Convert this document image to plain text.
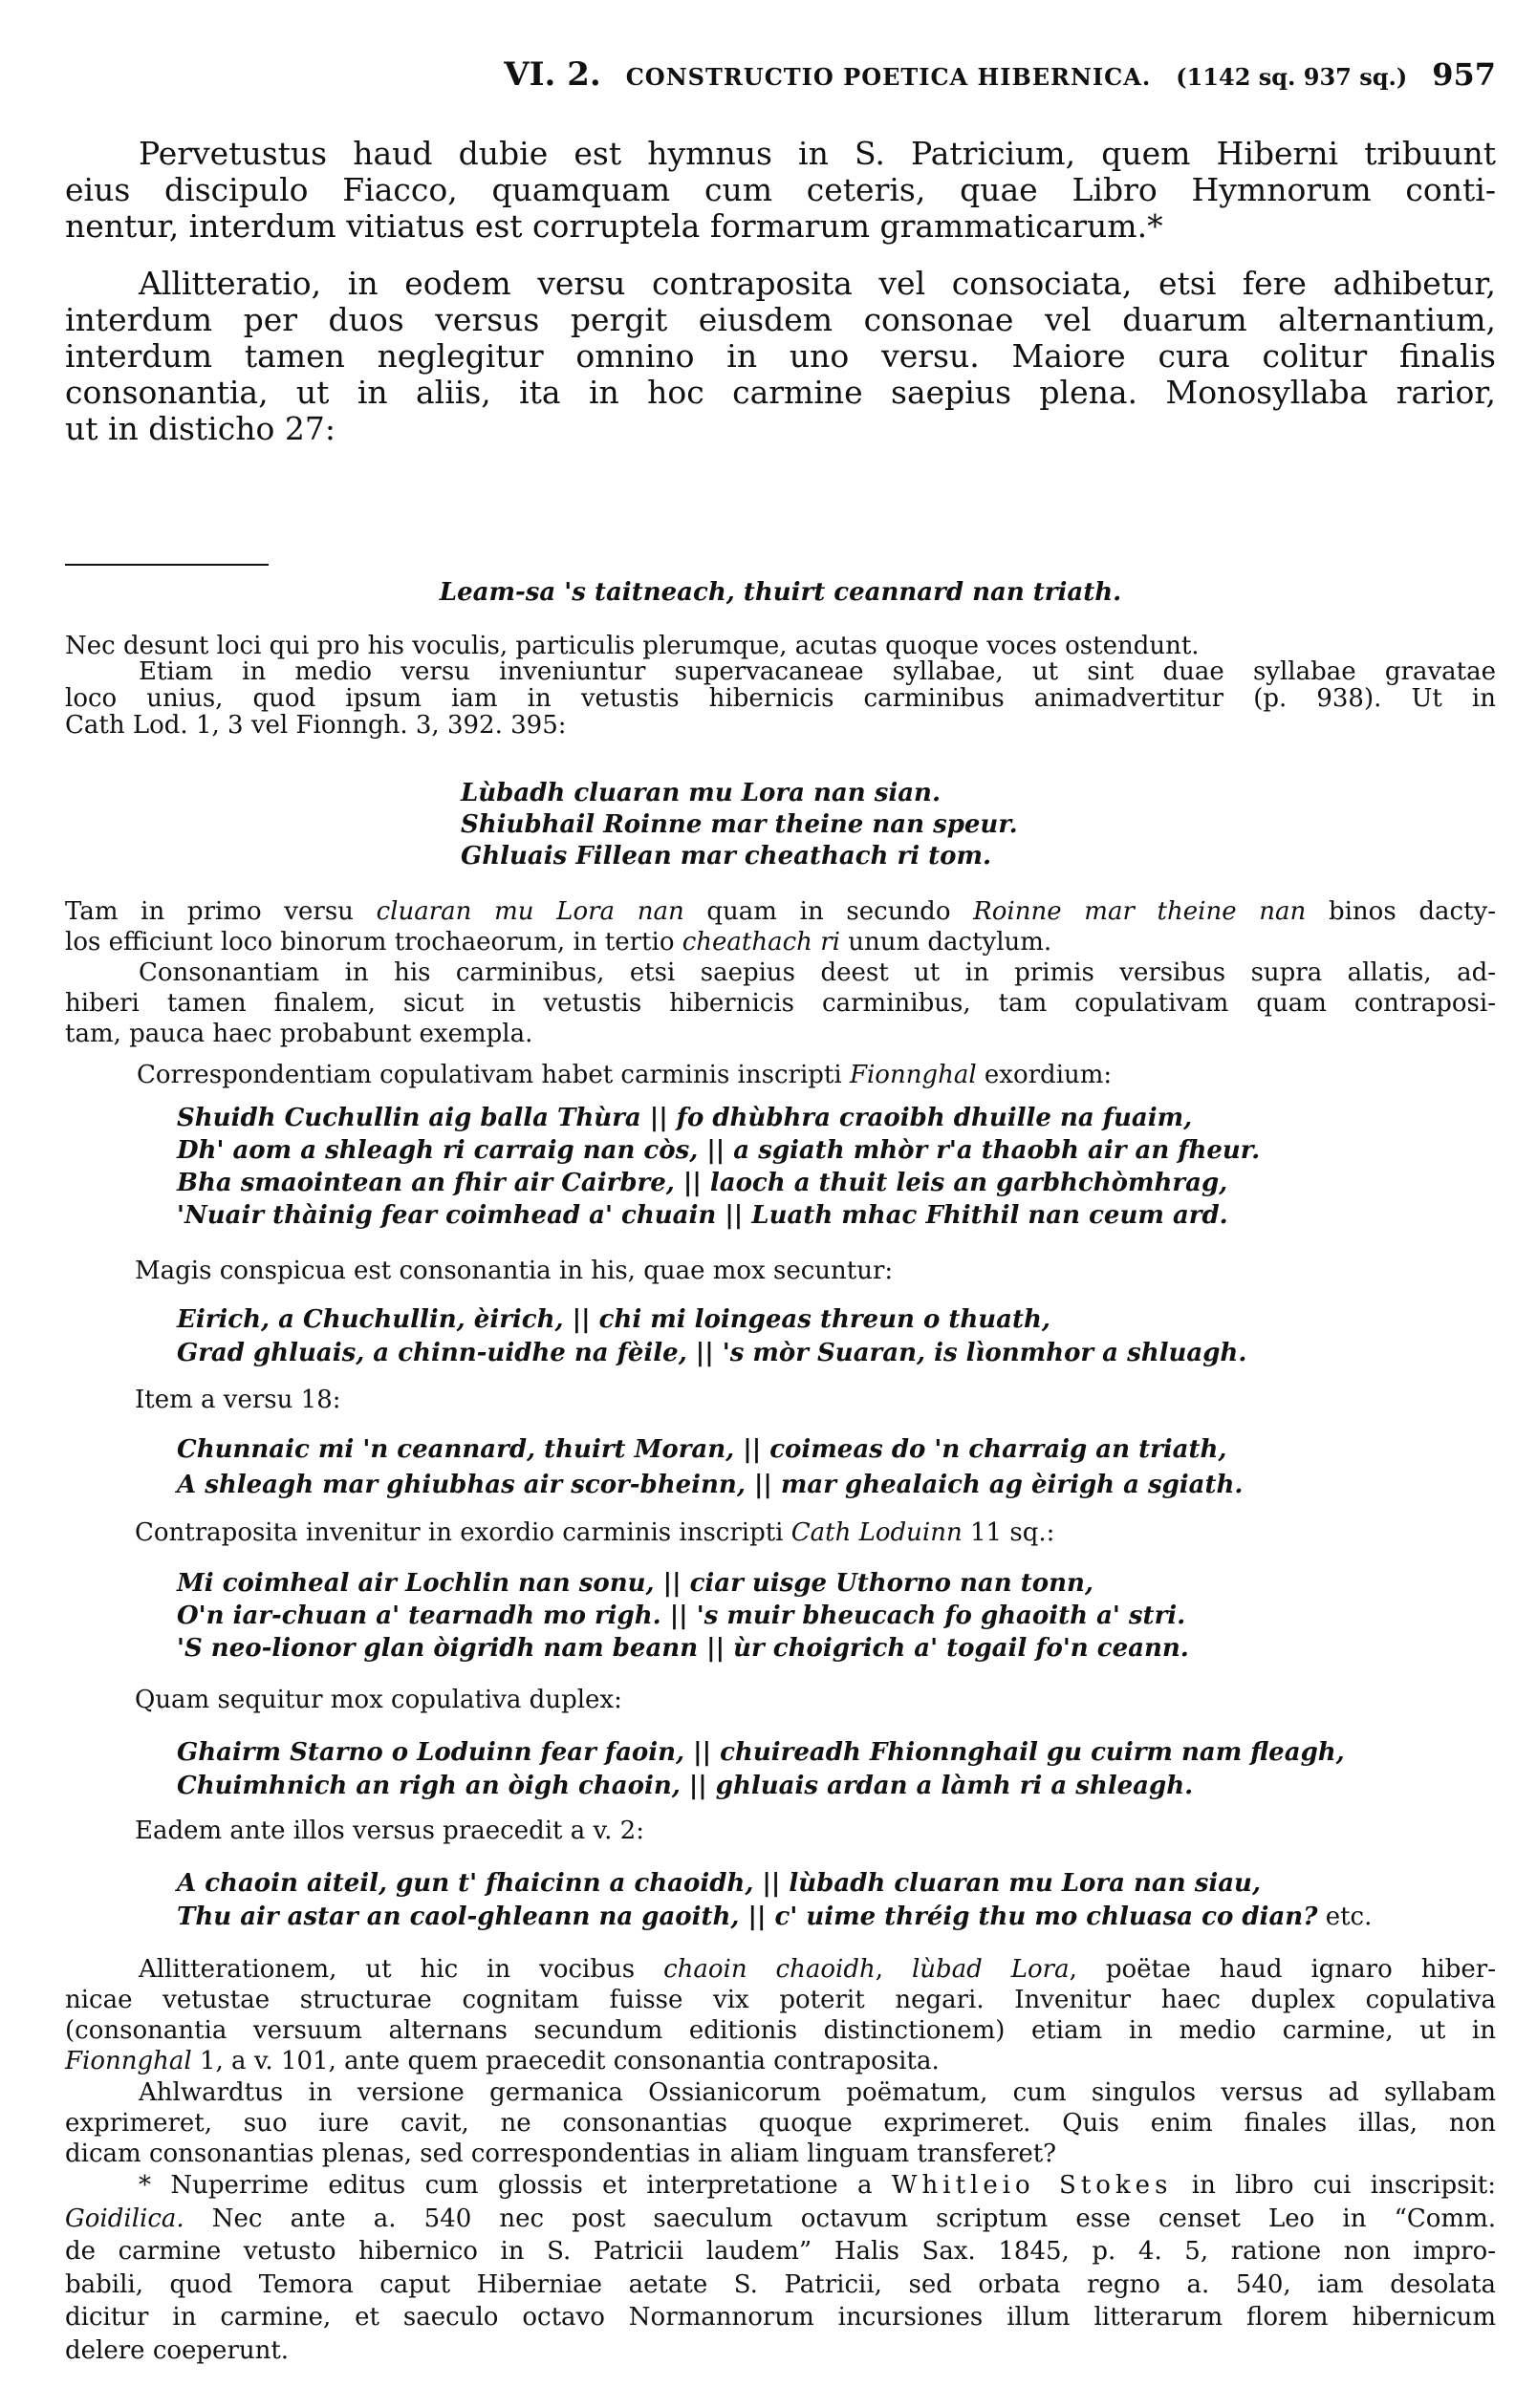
VI. 2. CONSTRUCTIO POETICA HIBERNICA. (1142 sq. 937 sq.) 957
Pervetustus haud dubie est hymnus in S. Patricium, quem Hiberni tribuunt
eius discipulo Fiacco, quamquam cum ceteris, quae Libro Hymnorum conti-
nentur, interdum vitiatus est corruptela formarum grammaticarum.*
Allitteratio, in eodem versu contraposita vel consociata, etsi fere adhibetur,
interdum per duos versus pergit eiusdem consonae vel duarum alternantium,
interdum tamen neglegitur omnino in uno versu. Maiore cura colitur finalis
consonantia, ut in aliis, ita in hoc carmine saepius plena. Monosyllaba rarior,
ut in disticho 27:
Leam-sa 's taitneach, thuirt ceannard nan triath.
Nec desunt loci qui pro his voculis, particulis plerumque, acutas quoque voces ostendunt.
Etiam in medio versu inveniuntur supervacaneae syllabae, ut sint duae syllabae gravatae
loco unius, quod ipsum iam in vetustis hibernicis carminibus animadvertitur (p. 938). Ut in
Cath Lod. 1, 3 vel Fionngh. 3, 392. 395:
Lùbadh cluaran mu Lora nan sian.
Shiubhail Roinne mar theine nan speur.
Ghluais Fillean mar cheathach ri tom.
Tam in primo versu cluaran mu Lora nan quam in secundo Roinne mar theine nan binos dacty-
los efficiunt loco binorum trochaeorum, in tertio cheathach ri unum dactylum.
Consonantiam in his carminibus, etsi saepius deest ut in primis versibus supra allatis, ad-
hiberi tamen finalem, sicut in vetustis hibernicis carminibus, tam copulativam quam contraposi-
tam, pauca haec probabunt exempla.
Correspondentiam copulativam habet carminis inscripti Fionnghal exordium:
Shuidh Cuchullin aig balla Thùra || fo dhùbhra craoibh dhuille na fuaim,
Dh' aom a shleagh ri carraig nan còs, || a sgiath mhòr r'a thaobh air an fheur.
Bha smaointean an fhir air Cairbre, || laoch a thuit leis an garbhchòmhrag,
'Nuair thàinig fear coimhead a' chuain || Luath mhac Fhithil nan ceum ard.
Magis conspicua est consonantia in his, quae mox secuntur:
Eirich, a Chuchullin, èirich, || chi mi loingeas threun o thuath,
Grad ghluais, a chinn-uidhe na fèile, || 's mòr Suaran, is lìonmhor a shluagh.
Item a versu 18:
Chunnaic mi 'n ceannard, thuirt Moran, || coimeas do 'n charraig an triath,
A shleagh mar ghiubhas air scor-bheinn, || mar ghealaich ag èirigh a sgiath.
Contraposita invenitur in exordio carminis inscripti Cath Loduinn 11 sq.:
Mi coimheal air Lochlin nan sonu, || ciar uisge Uthorno nan tonn,
O'n iar-chuan a' tearnadh mo righ. || 's muir bheucach fo ghaoith a' stri.
'S neo-lionor glan òigridh nam beann || ùr choigrich a' togail fo'n ceann.
Quam sequitur mox copulativa duplex:
Ghairm Starno o Loduinn fear faoin, || chuireadh Fhionnghail gu cuirm nam fleagh,
Chuimhnich an righ an òigh chaoin, || ghluais ardan a làmh ri a shleagh.
Eadem ante illos versus praecedit a v. 2:
A chaoin aiteil, gun t' fhaicinn a chaoidh, || lùbadh cluaran mu Lora nan siau,
Thu air astar an caol-ghleann na gaoith, || c' uime thréig thu mo chluasa co dian? etc.
Allitterationem, ut hic in vocibus chaoin chaoidh, lùbad Lora, poëtae haud ignaro hiber-
nicae vetustae structurae cognitam fuisse vix poterit negari. Invenitur haec duplex copulativa
(consonantia versuum alternans secundum editionis distinctionem) etiam in medio carmine, ut in
Fionnghal 1, a v. 101, ante quem praecedit consonantia contraposita.
Ahlwardtus in versione germanica Ossianicorum poëmatum, cum singulos versus ad syllabam
exprimeret, suo iure cavit, ne consonantias quoque exprimeret. Quis enim finales illas, non
dicam consonantias plenas, sed correspondentias in aliam linguam transferet?
* Nuperrime editus cum glossis et interpretatione a Whitleio Stokes in libro cui inscripsit:
Goidilica. Nec ante a. 540 nec post saeculum octavum scriptum esse censet Leo in “Comm.
de carmine vetusto hibernico in S. Patricii laudem” Halis Sax. 1845, p. 4. 5, ratione non impro-
babili, quod Temora caput Hiberniae aetate S. Patricii, sed orbata regno a. 540, iam desolata
dicitur in carmine, et saeculo octavo Normannorum incursiones illum litterarum florem hibernicum
delere coeperunt.
